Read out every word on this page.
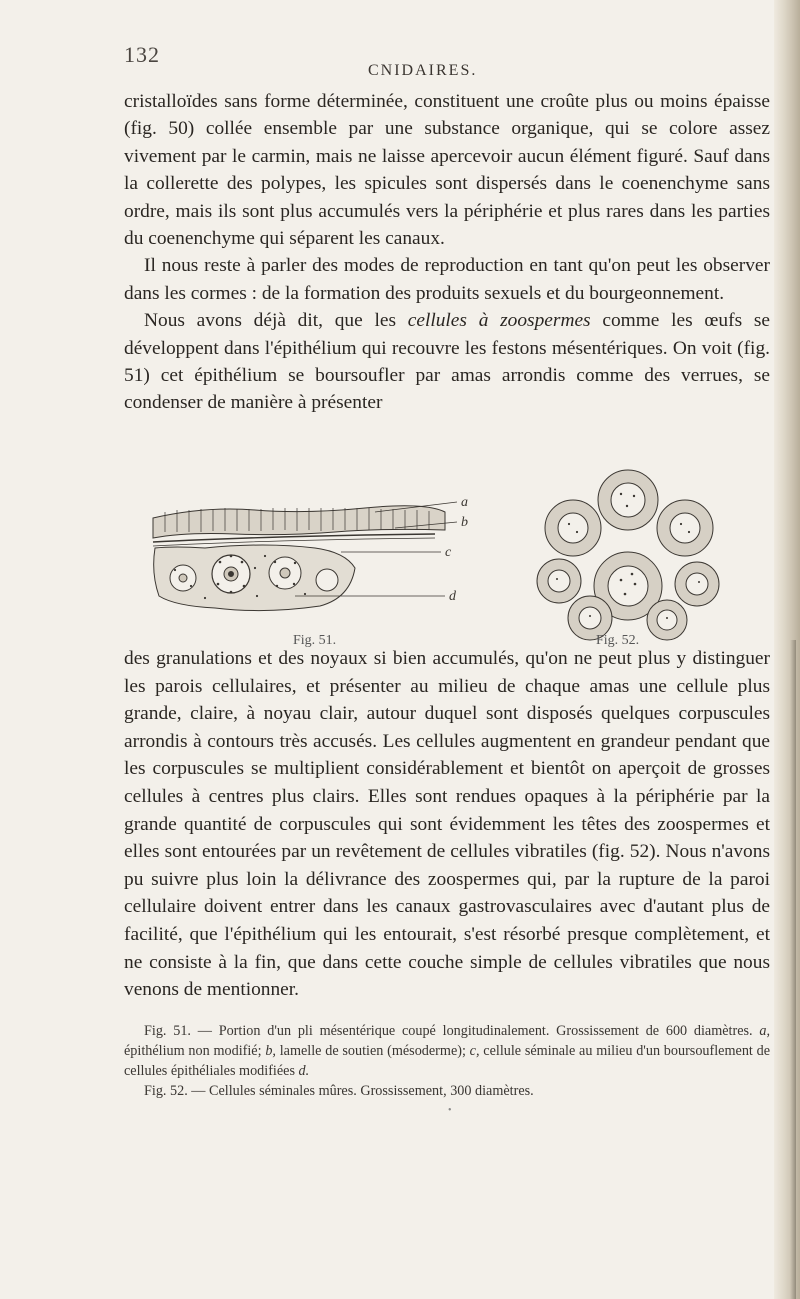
132
CNIDAIRES.

cristalloïdes sans forme déterminée, constituent une croûte plus ou moins épaisse (fig. 50) collée ensemble par une substance organique, qui se colore assez vivement par le carmin, mais ne laisse apercevoir aucun élément figuré. Sauf dans la collerette des polypes, les spicules sont dispersés dans le coenenchyme sans ordre, mais ils sont plus accumulés vers la périphérie et plus rares dans les parties du coenenchyme qui séparent les canaux.

Il nous reste à parler des modes de reproduction en tant qu'on peut les observer dans les cormes : de la formation des produits sexuels et du bourgeonnement.

Nous avons déjà dit, que les cellules à zoospermes comme les œufs se développent dans l'épithélium qui recouvre les festons mésentériques. On voit (fig. 51) cet épithélium se boursoufler par amas arrondis comme des verrues, se condenser de manière à présenter

a
b
c
d
Fig. 51.	Fig. 52.

des granulations et des noyaux si bien accumulés, qu'on ne peut plus y distinguer les parois cellulaires, et présenter au milieu de chaque amas une cellule plus grande, claire, à noyau clair, autour duquel sont disposés quelques corpuscules arrondis à contours très accusés. Les cellules augmentent en grandeur pendant que les corpuscules se multiplient considérablement et bientôt on aperçoit de grosses cellules à centres plus clairs. Elles sont rendues opaques à la périphérie par la grande quantité de corpuscules qui sont évidemment les têtes des zoospermes et elles sont entourées par un revêtement de cellules vibratiles (fig. 52). Nous n'avons pu suivre plus loin la délivrance des zoospermes qui, par la rupture de la paroi cellulaire doivent entrer dans les canaux gastrovasculaires avec d'autant plus de facilité, que l'épithélium qui les entourait, s'est résorbé presque complètement, et ne consiste à la fin, que dans cette couche simple de cellules vibratiles que nous venons de mentionner.

Fig. 51. — Portion d'un pli mésentérique coupé longitudinalement. Grossissement de 600 diamètres. a, épithélium non modifié; b, lamelle de soutien (mésoderme); c, cellule séminale au milieu d'un boursouflement de cellules épithéliales modifiées d.

Fig. 52. — Cellules séminales mûres. Grossissement, 300 diamètres.

•
